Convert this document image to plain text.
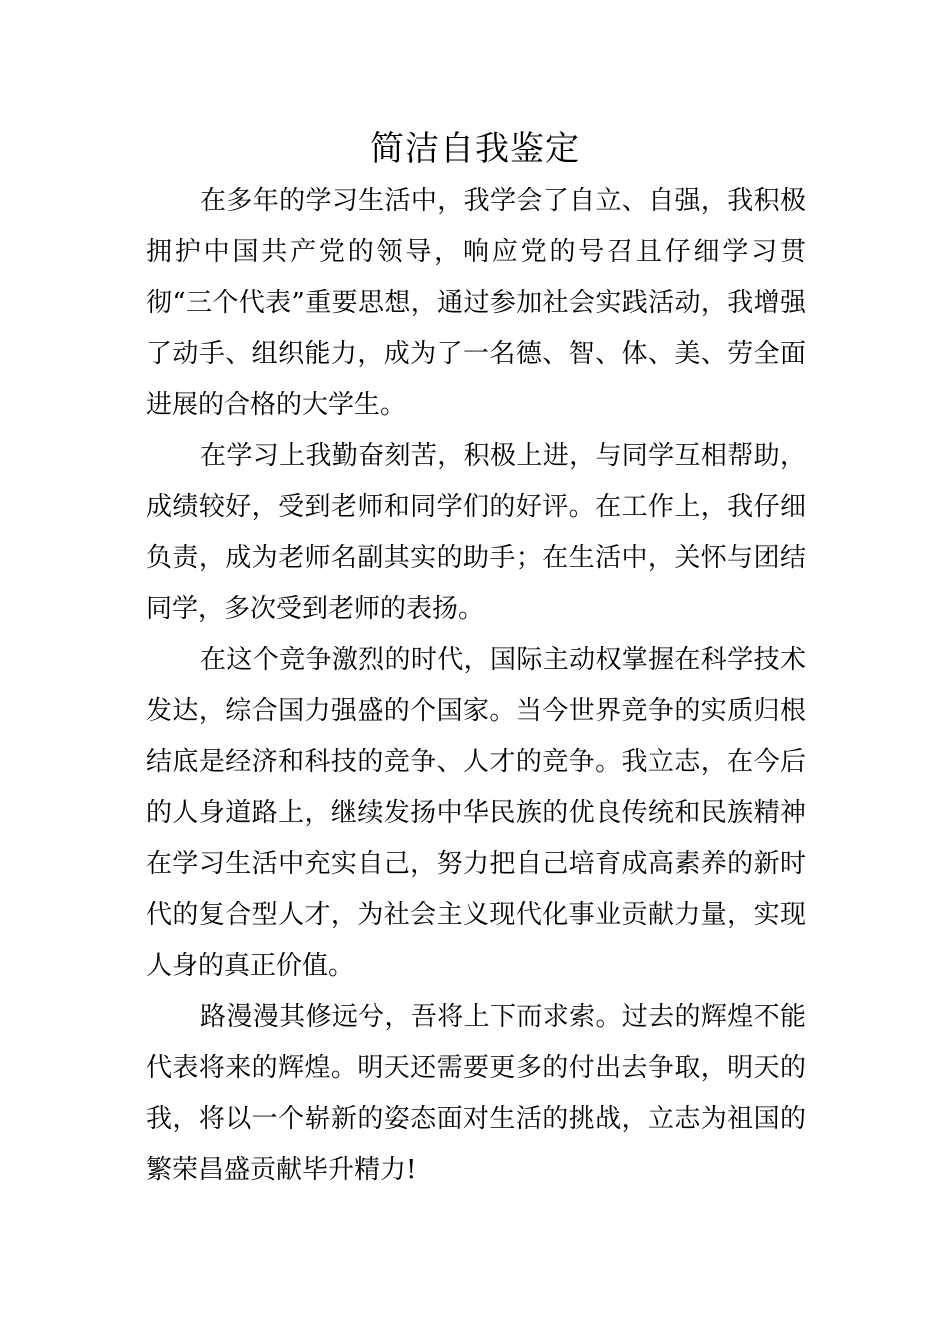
简洁自我鉴定

在多年的学习生活中，我学会了自立、自强，我积极拥护中国共产党的领导，响应党的号召且仔细学习贯彻“三个代表”重要思想，通过参加社会实践活动，我增强了动手、组织能力，成为了一名德、智、体、美、劳全面进展的合格的大学生。

在学习上我勤奋刻苦，积极上进，与同学互相帮助，成绩较好，受到老师和同学们的好评。在工作上，我仔细负责，成为老师名副其实的助手；在生活中，关怀与团结同学，多次受到老师的表扬。

在这个竞争激烈的时代，国际主动权掌握在科学技术发达，综合国力强盛的个国家。当今世界竞争的实质归根结底是经济和科技的竞争、人才的竞争。我立志，在今后的人身道路上，继续发扬中华民族的优良传统和民族精神在学习生活中充实自己，努力把自己培育成高素养的新时代的复合型人才，为社会主义现代化事业贡献力量，实现人身的真正价值。

路漫漫其修远兮，吾将上下而求索。过去的辉煌不能代表将来的辉煌。明天还需要更多的付出去争取，明天的我，将以一个崭新的姿态面对生活的挑战，立志为祖国的繁荣昌盛贡献毕升精力!
